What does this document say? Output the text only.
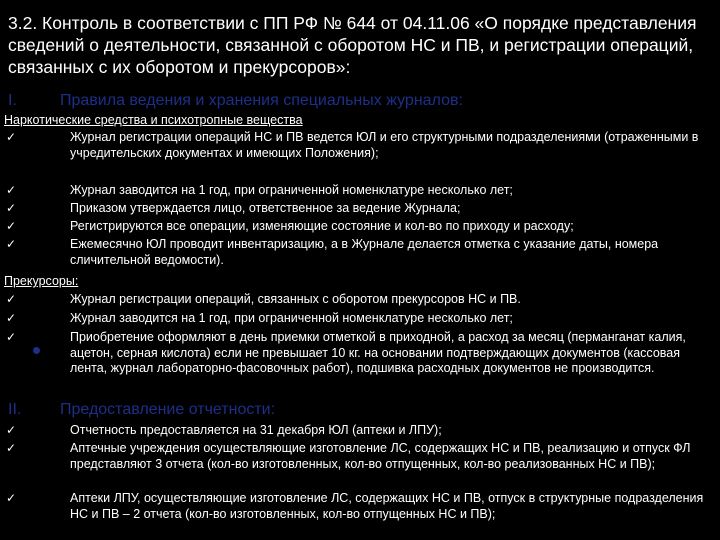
3.2. Контроль в соответствии с ПП РФ № 644 от 04.11.06 «О порядке представления сведений о деятельности, связанной с оборотом НС и ПВ, и регистрации операций, связанных с их оборотом и прекурсоров»:
I.	Правила ведения и хранения специальных журналов:
Наркотические средства и психотропные вещества
✓	Журнал регистрации операций НС и ПВ ведется ЮЛ и его структурными подразделениями (отраженными в учредительских документах и имеющих Положения);
✓	Журнал заводится на 1 год, при ограниченной номенклатуре несколько лет;
✓	Приказом утверждается лицо, ответственное за ведение Журнала;
✓	Регистрируются все операции, изменяющие состояние и кол-во по приходу и расходу;
✓	Ежемесячно ЮЛ проводит инвентаризацию, а в Журнале делается отметка с указание даты, номера сличительной ведомости).
Прекурсоры:
✓	Журнал регистрации операций, связанных с оборотом прекурсоров НС и ПВ.
✓	Журнал заводится на 1 год, при ограниченной номенклатуре несколько лет;
✓	Приобретение оформляют в день приемки отметкой в приходной, а расход за месяц (перманганат калия, ацетон, серная кислота) если не превышает 10 кг. на основании подтверждающих документов (кассовая лента, журнал лабораторно-фасовочных работ), подшивка расходных документов не производится.
II. Предоставление отчетности:
✓	Отчетность предоставляется на 31 декабря ЮЛ (аптеки и ЛПУ);
✓	Аптечные учреждения осуществляющие изготовление ЛС, содержащих НС и ПВ, реализацию и отпуск ФЛ представляют 3 отчета (кол-во изготовленных, кол-во отпущенных, кол-во реализованных НС и ПВ);
✓	Аптеки ЛПУ, осуществляющие изготовление ЛС, содержащих НС и ПВ, отпуск в структурные подразделения НС и ПВ – 2 отчета (кол-во изготовленных, кол-во отпущенных НС и ПВ);
